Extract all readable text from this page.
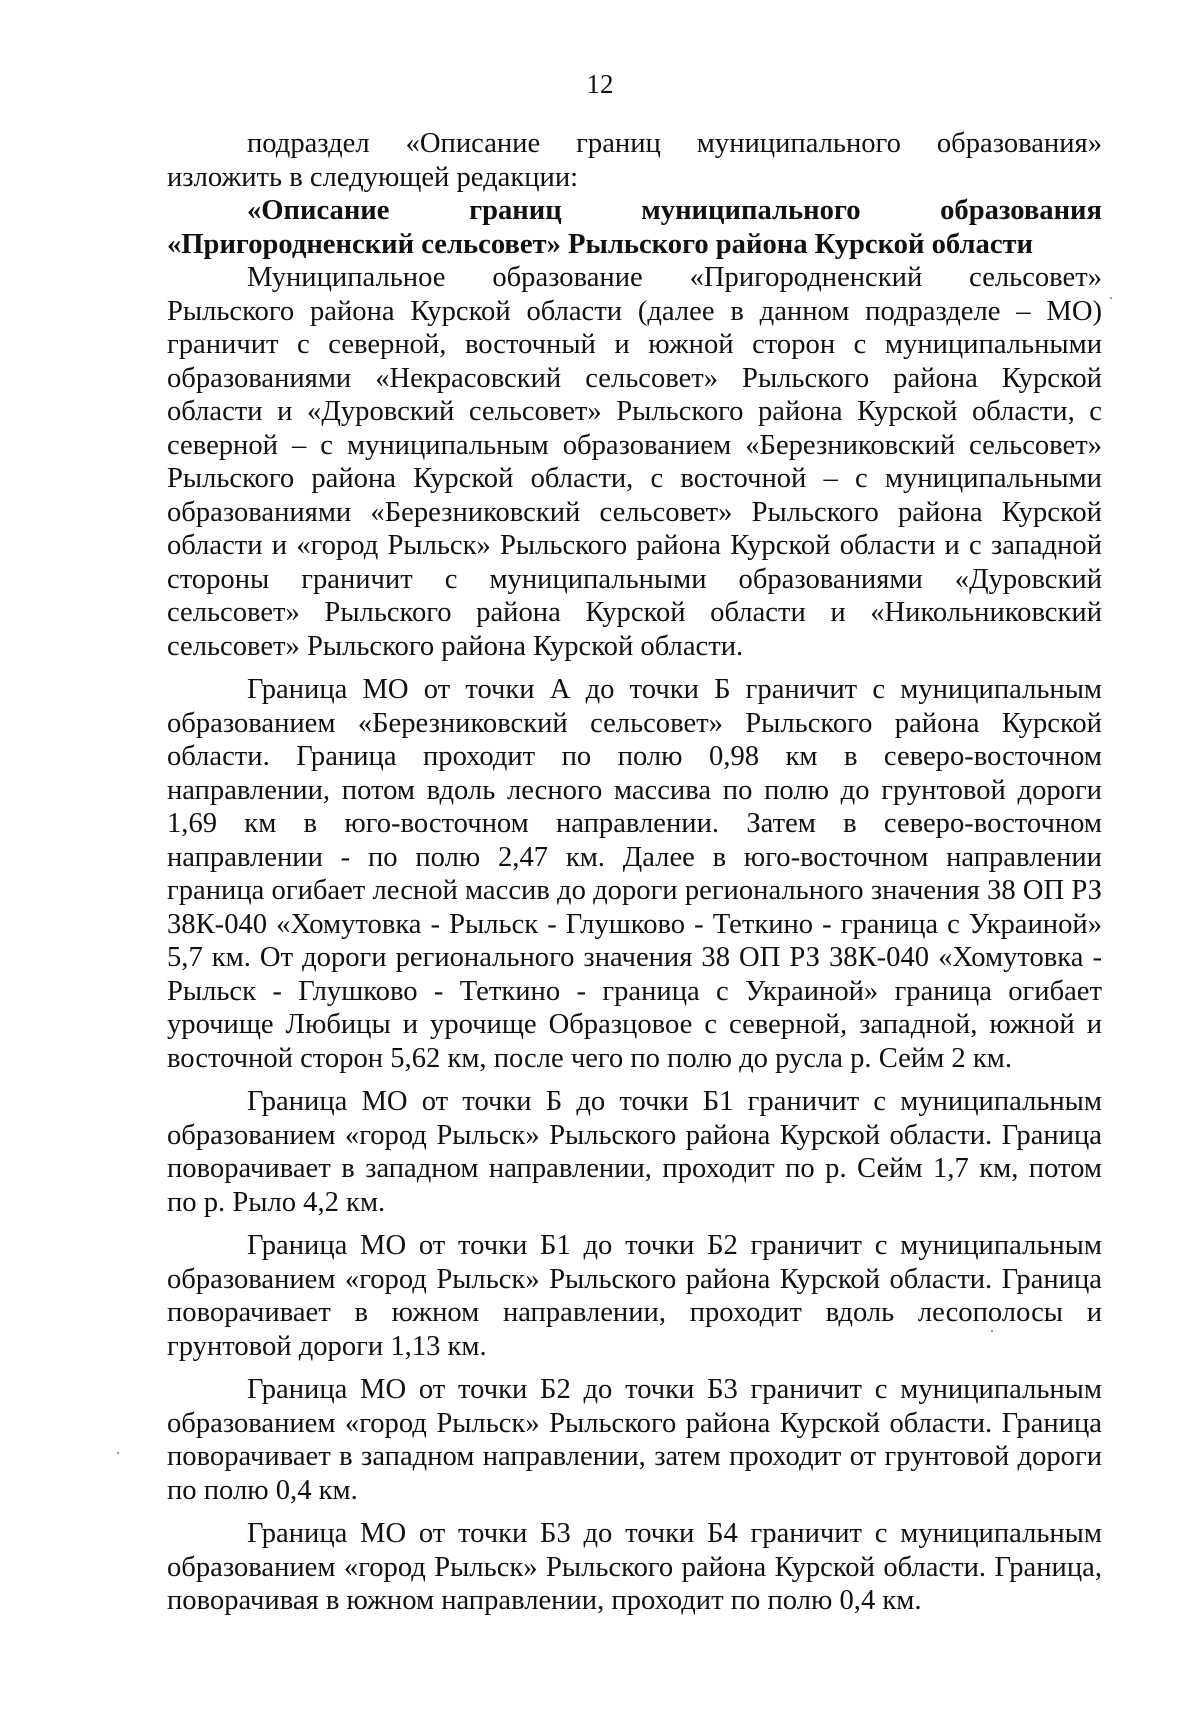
12

подраздел «Описание границ муниципального образования» изложить в следующей редакции:

«Описание границ муниципального образования «Пригородненский сельсовет» Рыльского района Курской области

Муниципальное образование «Пригородненский сельсовет» Рыльского района Курской области (далее в данном подразделе – МО) граничит с северной, восточный и южной сторон с муниципальными образованиями «Некрасовский сельсовет» Рыльского района Курской области и «Дуровский сельсовет» Рыльского района Курской области, с северной – с муниципальным образованием «Березниковский сельсовет» Рыльского района Курской области, с восточной – с муниципальными образованиями «Березниковский сельсовет» Рыльского района Курской области и «город Рыльск» Рыльского района Курской области и с западной стороны граничит с муниципальными образованиями «Дуровский сельсовет» Рыльского района Курской области и «Никольниковский сельсовет» Рыльского района Курской области.

Граница МО от точки А до точки Б граничит с муниципальным образованием «Березниковский сельсовет» Рыльского района Курской области. Граница проходит по полю 0,98 км в северо-восточном направлении, потом вдоль лесного массива по полю до грунтовой дороги 1,69 км в юго-восточном направлении. Затем в северо-восточном направлении - по полю 2,47 км. Далее в юго-восточном направлении граница огибает лесной массив до дороги регионального значения 38 ОП РЗ 38К-040 «Хомутовка - Рыльск - Глушково - Теткино - граница с Украиной» 5,7 км. От дороги регионального значения 38 ОП РЗ 38К-040 «Хомутовка - Рыльск - Глушково - Теткино - граница с Украиной» граница огибает урочище Любицы и урочище Образцовое с северной, западной, южной и восточной сторон 5,62 км, после чего по полю до русла р. Сейм 2 км.

Граница МО от точки Б до точки Б1 граничит с муниципальным образованием «город Рыльск» Рыльского района Курской области. Граница поворачивает в западном направлении, проходит по р. Сейм 1,7 км, потом по р. Рыло 4,2 км.

Граница МО от точки Б1 до точки Б2 граничит с муниципальным образованием «город Рыльск» Рыльского района Курской области. Граница поворачивает в южном направлении, проходит вдоль лесополосы и грунтовой дороги 1,13 км.

Граница МО от точки Б2 до точки Б3 граничит с муниципальным образованием «город Рыльск» Рыльского района Курской области. Граница поворачивает в западном направлении, затем проходит от грунтовой дороги по полю 0,4 км.

Граница МО от точки Б3 до точки Б4 граничит с муниципальным образованием «город Рыльск» Рыльского района Курской области. Граница, поворачивая в южном направлении, проходит по полю 0,4 км.
